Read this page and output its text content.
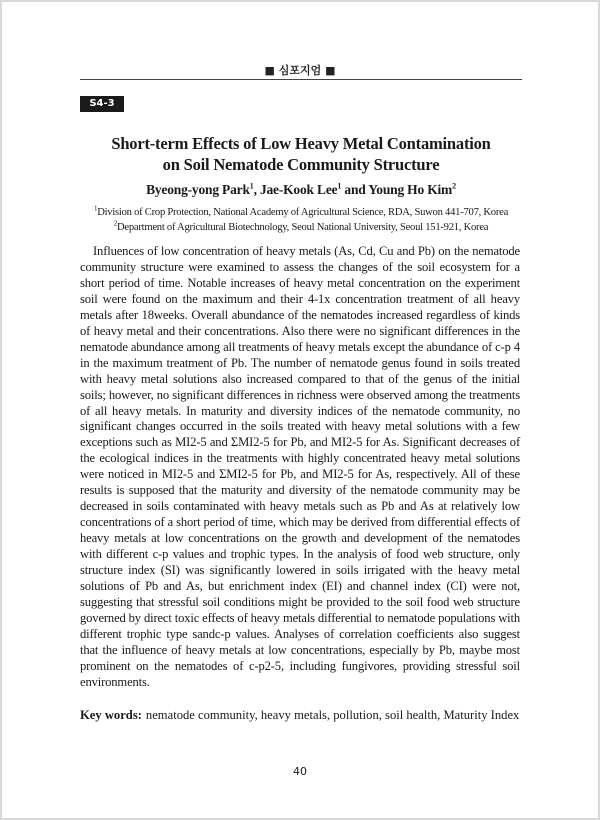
■ 심포지엄 ■
S4-3
Short-term Effects of Low Heavy Metal Contamination
on Soil Nematode Community Structure
Byeong-yong Park$^1$, Jae-Kook Lee$^1$ and Young Ho Kim$^2$
$^1$Division of Crop Protection, National Academy of Agricultural Science, RDA, Suwon 441-707, Korea
$^2$Department of Agricultural Biotechnology, Seoul National University, Seoul 151-921, Korea

Influences of low concentration of heavy metals (As, Cd, Cu and Pb) on the nematode community structure were examined to assess the changes of the soil ecosystem for a short period of time. Notable increases of heavy metal concentration on the experiment soil were found on the maximum and their 4-1x concentration treatment of all heavy metals after 18weeks. Overall abundance of the nematodes increased regardless of kinds of heavy metal and their concentrations. Also there were no significant differences in the nematode abundance among all treatments of heavy metals except the abundance of c-p 4 in the maximum treatment of Pb. The number of nematode genus found in soils treated with heavy metal solutions also increased compared to that of the genus of the initial soils; however, no significant differences in richness were observed among the treatments of all heavy metals. In maturity and diversity indices of the nematode community, no significant changes occurred in the soils treated with heavy metal solutions with a few exceptions such as MI2-5 and ΣMI2-5 for Pb, and MI2-5 for As. Significant decreases of the ecological indices in the treatments with highly concentrated heavy metal solutions were noticed in MI2-5 and ΣMI2-5 for Pb, and MI2-5 for As, respectively. All of these results is supposed that the maturity and diversity of the nematode community may be decreased in soils contaminated with heavy metals such as Pb and As at relatively low concentrations of a short period of time, which may be derived from differential effects of heavy metals at low concentrations on the growth and development of the nematodes with different c-p values and trophic types. In the analysis of food web structure, only structure index (SI) was significantly lowered in soils irrigated with the heavy metal solutions of Pb and As, but enrichment index (EI) and channel index (CI) were not, suggesting that stressful soil conditions might be provided to the soil food web structure governed by direct toxic effects of heavy metals differential to nematode populations with different trophic type sandc-p values. Analyses of correlation coefficients also suggest that the influence of heavy metals at low concentrations, especially by Pb, maybe most prominent on the nematodes of c-p2-5, including fungivores, providing stressful soil environments.

Key words: nematode community, heavy metals, pollution, soil health, Maturity Index
40
